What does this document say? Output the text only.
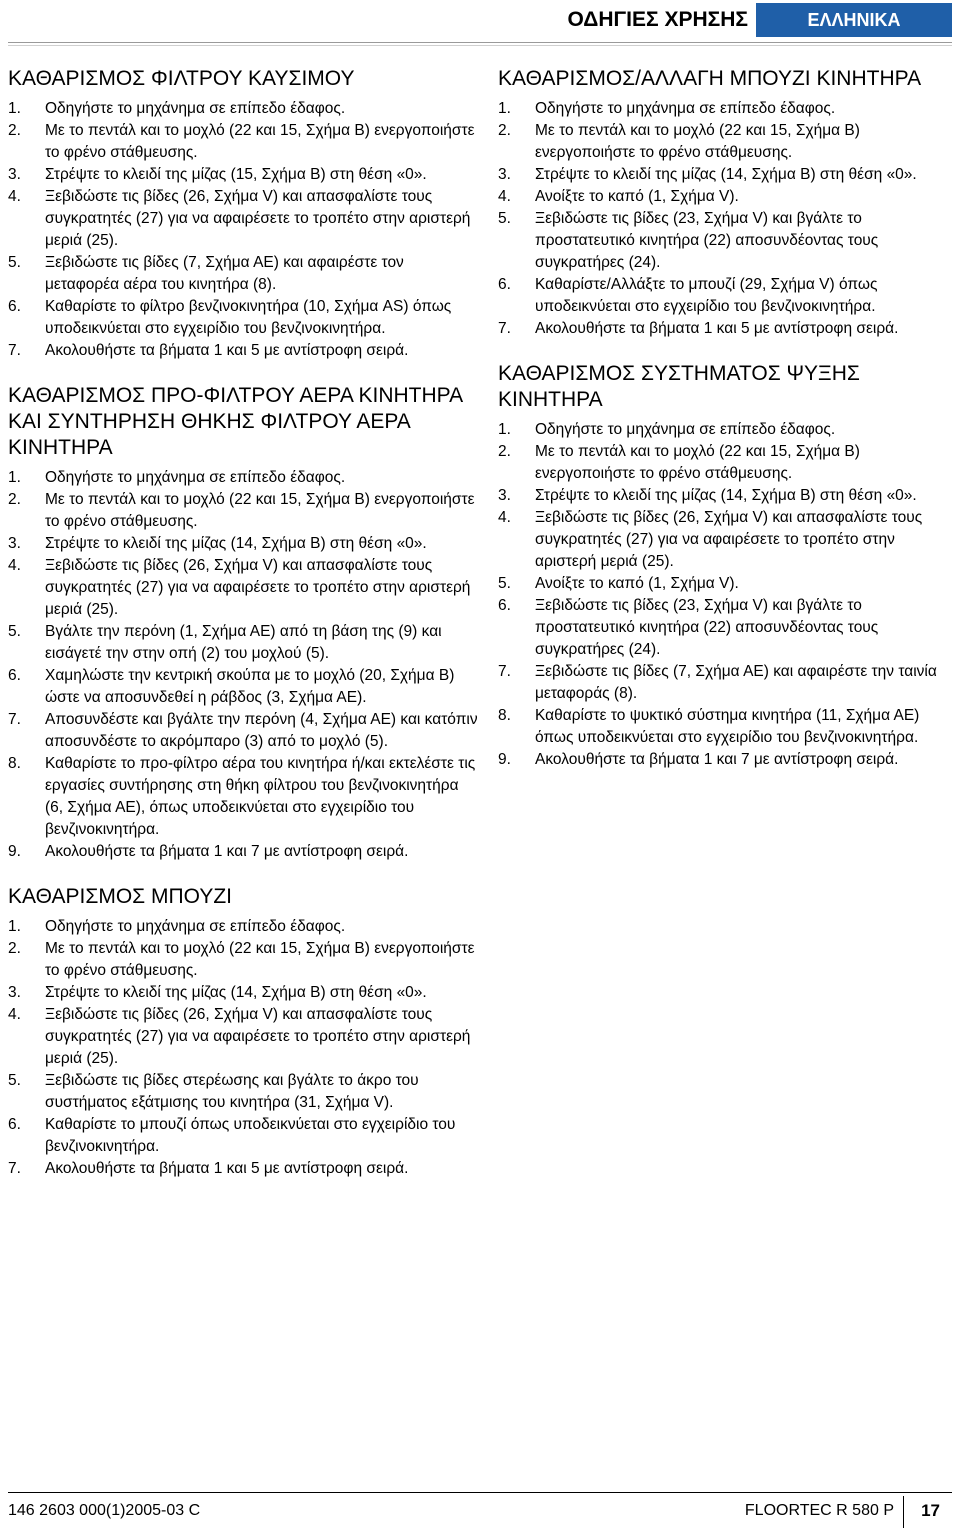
ΟΔΗΓΙΕΣ ΧΡΗΣΗΣ	ΕΛΛΗΝΙΚΑ
ΚΑΘΑΡΙΣΜΟΣ ΦΙΛΤΡΟΥ ΚΑΥΣΙΜΟΥ
1. Οδηγήστε το μηχάνημα σε επίπεδο έδαφος.
2. Με το πεντάλ και το μοχλό (22 και 15, Σχήμα Β) ενεργοποιήστε το φρένο στάθμευσης.
3. Στρέψτε το κλειδί της μίζας (15, Σχήμα Β) στη θέση «0».
4. Ξεβιδώστε τις βίδες (26, Σχήμα V) και απασφαλίστε τους συγκρατητές (27) για να αφαιρέσετε το τροπέτο στην αριστερή μεριά (25).
5. Ξεβιδώστε τις βίδες (7, Σχήμα ΑΕ) και αφαιρέστε τον μεταφορέα αέρα του κινητήρα (8).
6. Καθαρίστε το φίλτρο βενζινοκινητήρα (10, Σχήμα AS) όπως υποδεικνύεται στο εγχειρίδιο του βενζινοκινητήρα.
7. Ακολουθήστε τα βήματα 1 και 5 με αντίστροφη σειρά.
ΚΑΘΑΡΙΣΜΟΣ ΠΡΟ-ΦΙΛΤΡΟΥ ΑΕΡΑ ΚΙΝΗΤΗΡΑ ΚΑΙ ΣΥΝΤΗΡΗΣΗ ΘΗΚΗΣ ΦΙΛΤΡΟΥ ΑΕΡΑ ΚΙΝΗΤΗΡΑ
1. Οδηγήστε το μηχάνημα σε επίπεδο έδαφος.
2. Με το πεντάλ και το μοχλό (22 και 15, Σχήμα Β) ενεργοποιήστε το φρένο στάθμευσης.
3. Στρέψτε το κλειδί της μίζας (14, Σχήμα Β) στη θέση «0».
4. Ξεβιδώστε τις βίδες (26, Σχήμα V) και απασφαλίστε τους συγκρατητές (27) για να αφαιρέσετε το τροπέτο στην αριστερή μεριά (25).
5. Βγάλτε την περόνη (1, Σχήμα ΑΕ) από τη βάση της (9) και εισάγετέ την στην οπή (2) του μοχλού (5).
6. Χαμηλώστε την κεντρική σκούπα με το μοχλό (20, Σχήμα Β) ώστε να αποσυνδεθεί η ράβδος (3, Σχήμα ΑΕ).
7. Αποσυνδέστε και βγάλτε την περόνη (4, Σχήμα ΑΕ) και κατόπιν αποσυνδέστε το ακρόμπαρο (3) από το μοχλό (5).
8. Καθαρίστε το προ-φίλτρο αέρα του κινητήρα ή/και εκτελέστε τις εργασίες συντήρησης στη θήκη φίλτρου του βενζινοκινητήρα (6, Σχήμα ΑΕ), όπως υποδεικνύεται στο εγχειρίδιο του βενζινοκινητήρα.
9. Ακολουθήστε τα βήματα 1 και 7 με αντίστροφη σειρά.
ΚΑΘΑΡΙΣΜΟΣ ΜΠΟΥΖΙ
1. Οδηγήστε το μηχάνημα σε επίπεδο έδαφος.
2. Με το πεντάλ και το μοχλό (22 και 15, Σχήμα Β) ενεργοποιήστε το φρένο στάθμευσης.
3. Στρέψτε το κλειδί της μίζας (14, Σχήμα Β) στη θέση «0».
4. Ξεβιδώστε τις βίδες (26, Σχήμα V) και απασφαλίστε τους συγκρατητές (27) για να αφαιρέσετε το τροπέτο στην αριστερή μεριά (25).
5. Ξεβιδώστε τις βίδες στερέωσης και βγάλτε το άκρο του συστήματος εξάτμισης του κινητήρα (31, Σχήμα V).
6. Καθαρίστε το μπουζί όπως υποδεικνύεται στο εγχειρίδιο του βενζινοκινητήρα.
7. Ακολουθήστε τα βήματα 1 και 5 με αντίστροφη σειρά.
ΚΑΘΑΡΙΣΜΟΣ/ΑΛΛΑΓΗ ΜΠΟΥΖΙ ΚΙΝΗΤΗΡΑ
1. Οδηγήστε το μηχάνημα σε επίπεδο έδαφος.
2. Με το πεντάλ και το μοχλό (22 και 15, Σχήμα Β) ενεργοποιήστε το φρένο στάθμευσης.
3. Στρέψτε το κλειδί της μίζας (14, Σχήμα Β) στη θέση «0».
4. Ανοίξτε το καπό (1, Σχήμα V).
5. Ξεβιδώστε τις βίδες (23, Σχήμα V) και βγάλτε το προστατευτικό κινητήρα (22) αποσυνδέοντας τους συγκρατήρες (24).
6. Καθαρίστε/Αλλάξτε το μπουζί (29, Σχήμα V) όπως υποδεικνύεται στο εγχειρίδιο του βενζινοκινητήρα.
7. Ακολουθήστε τα βήματα 1 και 5 με αντίστροφη σειρά.
ΚΑΘΑΡΙΣΜΟΣ ΣΥΣΤΗΜΑΤΟΣ ΨΥΞΗΣ ΚΙΝΗΤΗΡΑ
1. Οδηγήστε το μηχάνημα σε επίπεδο έδαφος.
2. Με το πεντάλ και το μοχλό (22 και 15, Σχήμα Β) ενεργοποιήστε το φρένο στάθμευσης.
3. Στρέψτε το κλειδί της μίζας (14, Σχήμα Β) στη θέση «0».
4. Ξεβιδώστε τις βίδες (26, Σχήμα V) και απασφαλίστε τους συγκρατητές (27) για να αφαιρέσετε το τροπέτο στην αριστερή μεριά (25).
5. Ανοίξτε το καπό (1, Σχήμα V).
6. Ξεβιδώστε τις βίδες (23, Σχήμα V) και βγάλτε το προστατευτικό κινητήρα (22) αποσυνδέοντας τους συγκρατήρες (24).
7. Ξεβιδώστε τις βίδες (7, Σχήμα ΑΕ) και αφαιρέστε την ταινία μεταφοράς (8).
8. Καθαρίστε το ψυκτικό σύστημα κινητήρα (11, Σχήμα ΑΕ) όπως υποδεικνύεται στο εγχειρίδιο του βενζινοκινητήρα.
9. Ακολουθήστε τα βήματα 1 και 7 με αντίστροφη σειρά.
146 2603 000(1)2005-03 C	FLOORTEC R 580 P 17
